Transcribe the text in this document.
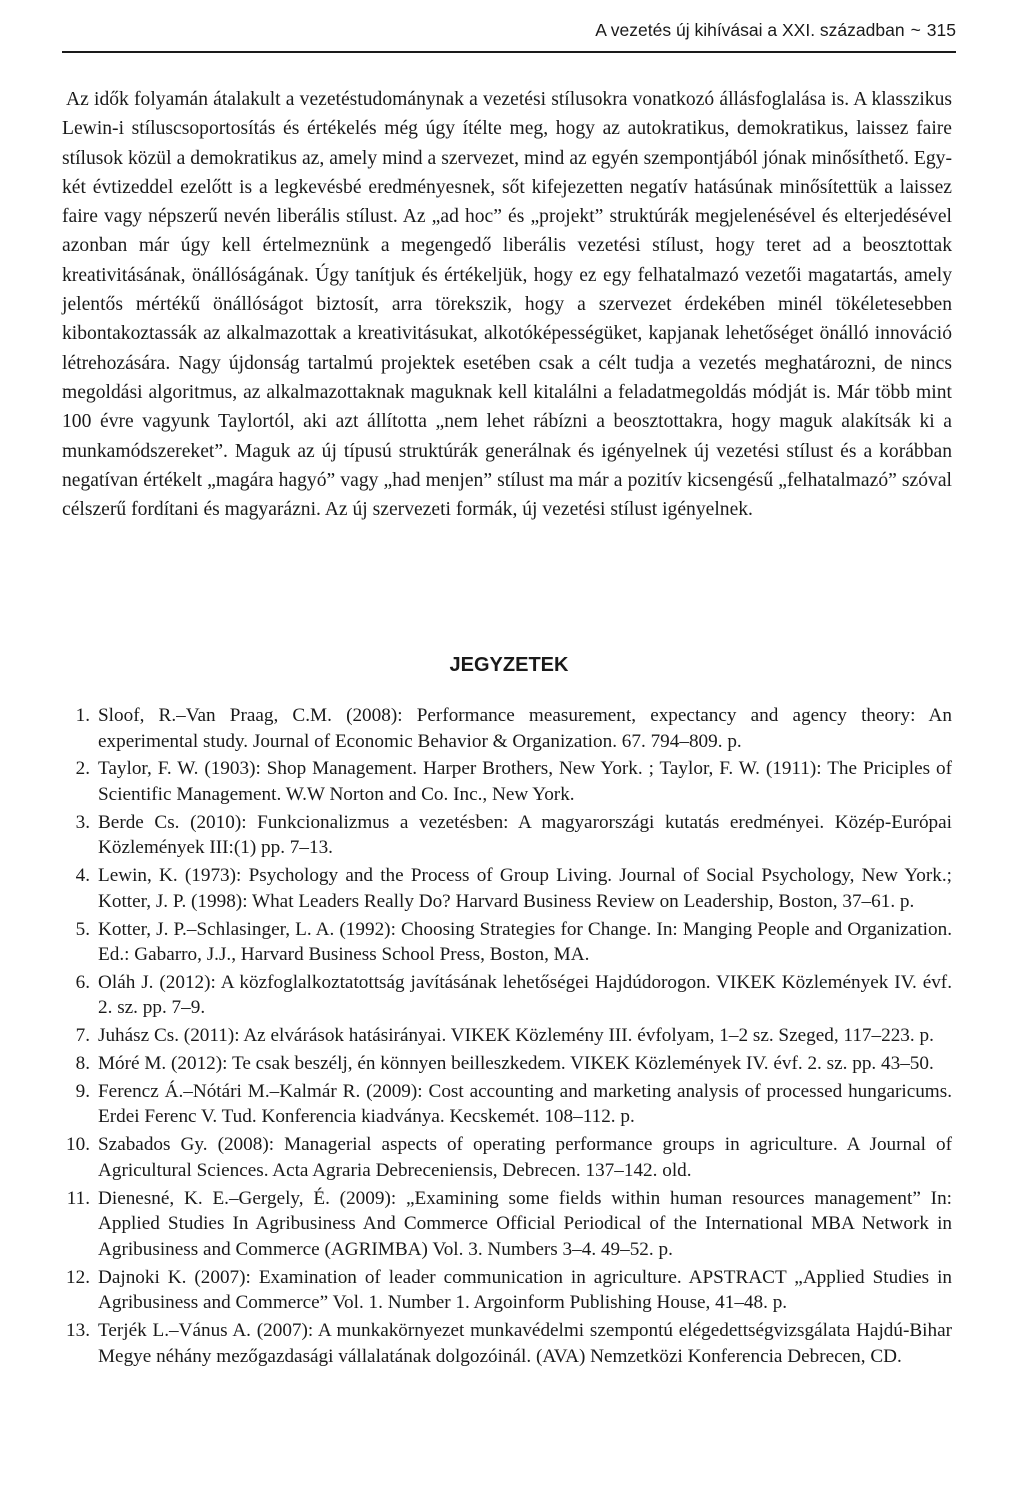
A vezetés új kihívásai a XXI. században ~ 315

Az idők folyamán átalakult a vezetéstudománynak a vezetési stílusokra vonatkozó állásfoglalása is. A klasszikus Lewin-i stíluscsoportosítás és értékelés még úgy ítélte meg, hogy az autokratikus, demokratikus, laissez faire stílusok közül a demokratikus az, amely mind a szervezet, mind az egyén szempontjából jónak minősíthető. Egy-két évtizeddel ezelőtt is a legkevésbé eredményesnek, sőt kifejezetten negatív hatásúnak minősítettük a laissez faire vagy népszerű nevén liberális stílust. Az „ad hoc” és „projekt” struktúrák megjelenésével és elterjedésével azonban már úgy kell értelmeznünk a megengedő liberális vezetési stílust, hogy teret ad a beosztottak kreativitásának, önállóságának. Úgy tanítjuk és értékeljük, hogy ez egy felhatalmazó vezetői magatartás, amely jelentős mértékű önállóságot biztosít, arra törekszik, hogy a szervezet érdekében minél tökéletesebben kibontakoztassák az alkalmazottak a kreativitásukat, alkotóképességüket, kapjanak lehetőséget önálló innováció létrehozására. Nagy újdonság tartalmú projektek esetében csak a célt tudja a vezetés meghatározni, de nincs megoldási algoritmus, az alkalmazottaknak maguknak kell kitalálni a feladatmegoldás módját is. Már több mint 100 évre vagyunk Taylortól, aki azt állította „nem lehet rábízni a beosztottakra, hogy maguk alakítsák ki a munkamódszereket”. Maguk az új típusú struktúrák generálnak és igényelnek új vezetési stílust és a korábban negatívan értékelt „magára hagyó” vagy „had menjen” stílust ma már a pozitív kicsengésű „felhatalmazó” szóval célszerű fordítani és magyarázni. Az új szervezeti formák, új vezetési stílust igényelnek.

JEGYZETEK
1. Sloof, R.–Van Praag, C.M. (2008): Performance measurement, expectancy and agency theory: An experimental study. Journal of Economic Behavior & Organization. 67. 794–809. p.
2. Taylor, F. W. (1903): Shop Management. Harper Brothers, New York. ; Taylor, F. W. (1911): The Priciples of Scientific Management. W.W Norton and Co. Inc., New York.
3. Berde Cs. (2010): Funkcionalizmus a vezetésben: A magyarországi kutatás eredményei. Közép-Európai Közlemények III:(1) pp. 7–13.
4. Lewin, K. (1973): Psychology and the Process of Group Living. Journal of Social Psychology, New York.; Kotter, J. P. (1998): What Leaders Really Do? Harvard Business Review on Leadership, Boston, 37–61. p.
5. Kotter, J. P.–Schlasinger, L. A. (1992): Choosing Strategies for Change. In: Manging People and Organization. Ed.: Gabarro, J.J., Harvard Business School Press, Boston, MA.
6. Oláh J. (2012): A közfoglalkoztatottság javításának lehetőségei Hajdúdorogon. VIKEK Közlemények IV. évf. 2. sz. pp. 7–9.
7. Juhász Cs. (2011): Az elvárások hatásirányai. VIKEK Közlemény III. évfolyam, 1–2 sz. Szeged, 117–223. p.
8. Móré M. (2012): Te csak beszélj, én könnyen beilleszkedem. VIKEK Közlemények IV. évf. 2. sz. pp. 43–50.
9. Ferencz Á.–Nótári M.–Kalmár R. (2009): Cost accounting and marketing analysis of processed hungaricums. Erdei Ferenc V. Tud. Konferencia kiadványa. Kecskemét. 108–112. p.
10. Szabados Gy. (2008): Managerial aspects of operating performance groups in agriculture. A Journal of Agricultural Sciences. Acta Agraria Debreceniensis, Debrecen. 137–142. old.
11. Dienesné, K. E.–Gergely, É. (2009): „Examining some fields within human resources management” In: Applied Studies In Agribusiness And Commerce Official Periodical of the International MBA Network in Agribusiness and Commerce (AGRIMBA) Vol. 3. Numbers 3–4. 49–52. p.
12. Dajnoki K. (2007): Examination of leader communication in agriculture. APSTRACT „Applied Studies in Agribusiness and Commerce” Vol. 1. Number 1. Argoinform Publishing House, 41–48. p.
13. Terjék L.–Vánus A. (2007): A munkakörnyezet munkavédelmi szempontú elégedettségvizsgálata Hajdú-Bihar Megye néhány mezőgazdasági vállalatának dolgozóinál. (AVA) Nemzetközi Konferencia Debrecen, CD.
